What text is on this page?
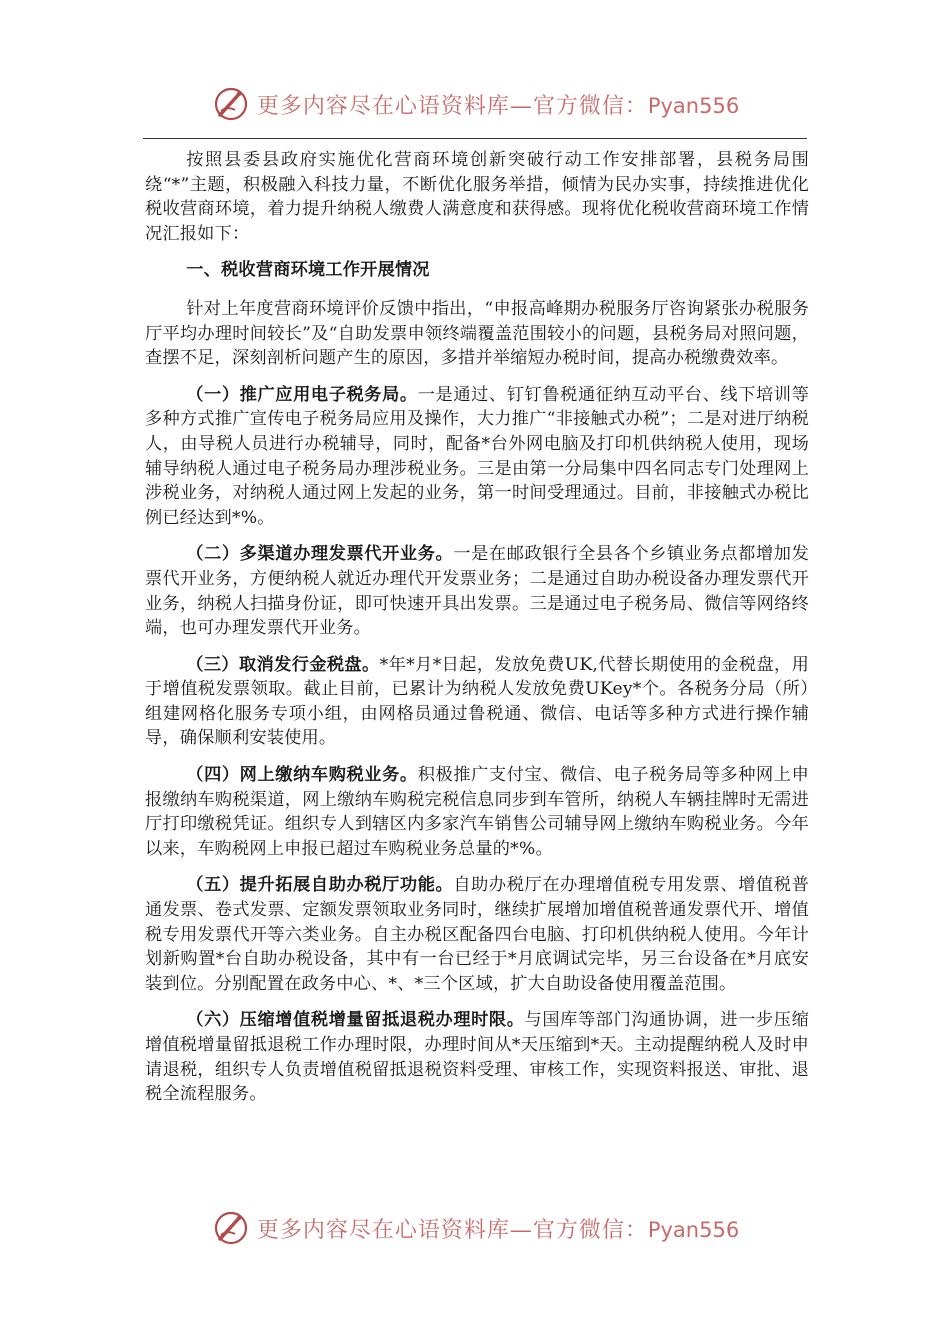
更多内容尽在心语资料库—官方微信：Pyan556

按照县委县政府实施优化营商环境创新突破行动工作安排部署，县税务局围绕“*”主题，积极融入科技力量，不断优化服务举措，倾情为民办实事，持续推进优化税收营商环境，着力提升纳税人缴费人满意度和获得感。现将优化税收营商环境工作情况汇报如下：

一、税收营商环境工作开展情况

针对上年度营商环境评价反馈中指出，“申报高峰期办税服务厅咨询紧张办税服务厅平均办理时间较长”及“自助发票申领终端覆盖范围较小的问题，县税务局对照问题，查摆不足，深刻剖析问题产生的原因，多措并举缩短办税时间，提高办税缴费效率。

（一）推广应用电子税务局。一是通过、钉钉鲁税通征纳互动平台、线下培训等多种方式推广宣传电子税务局应用及操作，大力推广“非接触式办税”；二是对进厅纳税人，由导税人员进行办税辅导，同时，配备*台外网电脑及打印机供纳税人使用，现场辅导纳税人通过电子税务局办理涉税业务。三是由第一分局集中四名同志专门处理网上涉税业务，对纳税人通过网上发起的业务，第一时间受理通过。目前，非接触式办税比例已经达到*%。

（二）多渠道办理发票代开业务。一是在邮政银行全县各个乡镇业务点都增加发票代开业务，方便纳税人就近办理代开发票业务；二是通过自助办税设备办理发票代开业务，纳税人扫描身份证，即可快速开具出发票。三是通过电子税务局、微信等网络终端，也可办理发票代开业务。

（三）取消发行金税盘。*年*月*日起，发放免费UK,代替长期使用的金税盘，用于增值税发票领取。截止目前，已累计为纳税人发放免费UKey*个。各税务分局（所）组建网格化服务专项小组，由网格员通过鲁税通、微信、电话等多种方式进行操作辅导，确保顺利安装使用。

（四）网上缴纳车购税业务。积极推广支付宝、微信、电子税务局等多种网上申报缴纳车购税渠道，网上缴纳车购税完税信息同步到车管所，纳税人车辆挂牌时无需进厅打印缴税凭证。组织专人到辖区内多家汽车销售公司辅导网上缴纳车购税业务。今年以来，车购税网上申报已超过车购税业务总量的*%。

（五）提升拓展自助办税厅功能。自助办税厅在办理增值税专用发票、增值税普通发票、卷式发票、定额发票领取业务同时，继续扩展增加增值税普通发票代开、增值税专用发票代开等六类业务。自主办税区配备四台电脑、打印机供纳税人使用。今年计划新购置*台自助办税设备，其中有一台已经于*月底调试完毕，另三台设备在*月底安装到位。分别配置在政务中心、*、*三个区域，扩大自助设备使用覆盖范围。

（六）压缩增值税增量留抵退税办理时限。与国库等部门沟通协调，进一步压缩增值税增量留抵退税工作办理时限，办理时间从*天压缩到*天。主动提醒纳税人及时申请退税，组织专人负责增值税留抵退税资料受理、审核工作，实现资料报送、审批、退税全流程服务。

更多内容尽在心语资料库—官方微信：Pyan556
